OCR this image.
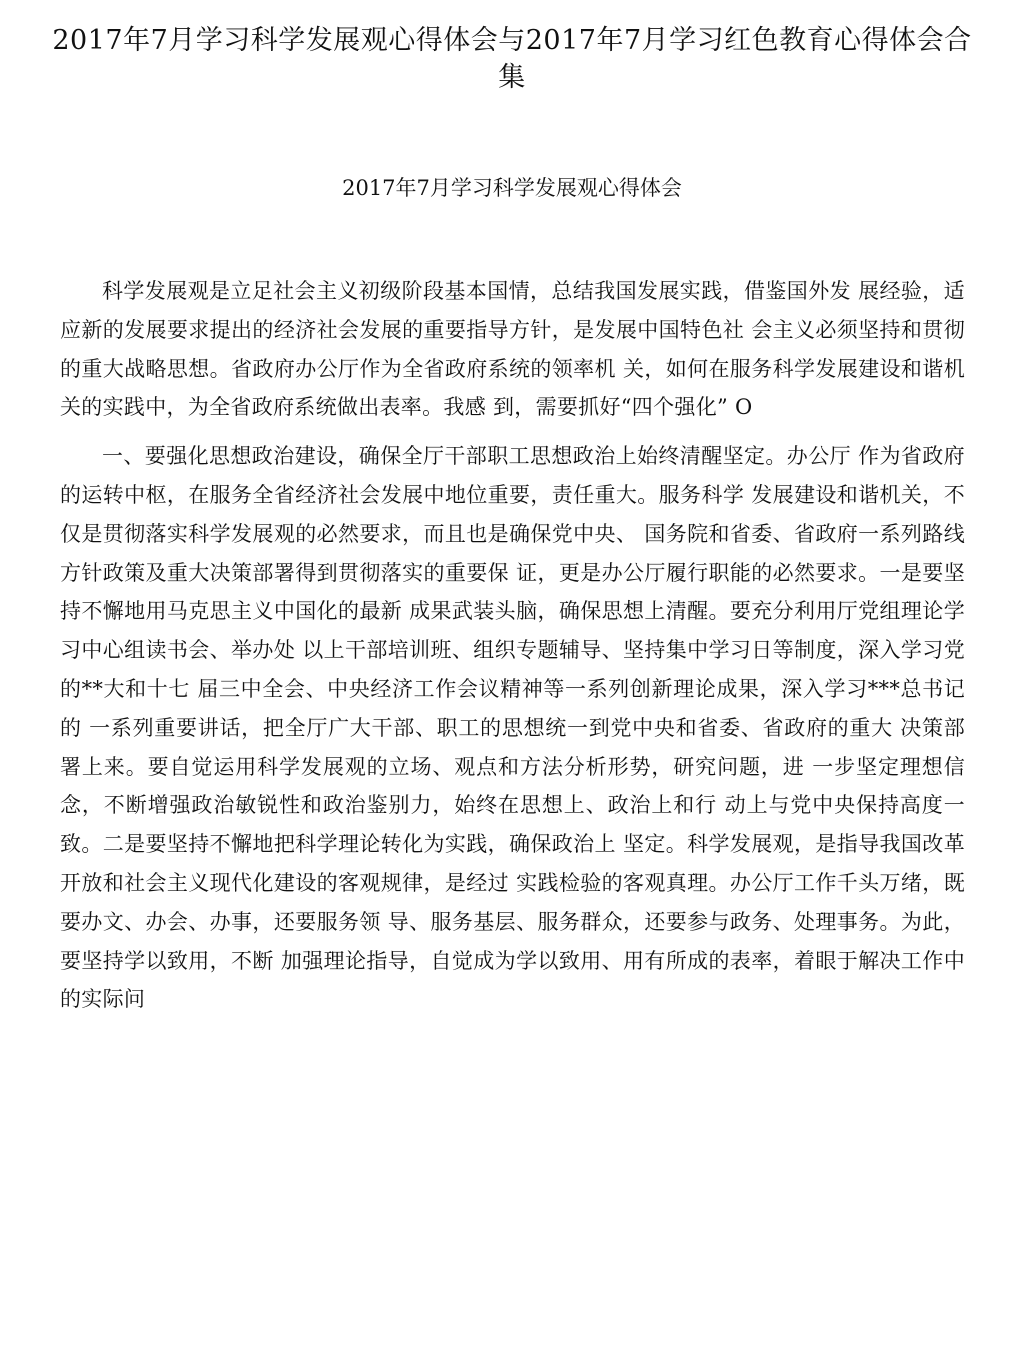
2017年7月学习科学发展观心得体会与2017年7月学习红色教育心得体会合集
2017年7月学习科学发展观心得体会

科学发展观是立足社会主义初级阶段基本国情，总结我国发展实践，借鉴国外发 展经验，适应新的发展要求提出的经济社会发展的重要指导方针，是发展中国特色社 会主义必须坚持和贯彻的重大战略思想。省政府办公厅作为全省政府系统的领率机 关，如何在服务科学发展建设和谐机关的实践中，为全省政府系统做出表率。我感 到，需要抓好“四个强化” O

一、要强化思想政治建设，确保全厅干部职工思想政治上始终清醒坚定。办公厅 作为省政府的运转中枢，在服务全省经济社会发展中地位重要，责任重大。服务科学 发展建设和谐机关，不仅是贯彻落实科学发展观的必然要求，而且也是确保党中央、 国务院和省委、省政府一系列路线方针政策及重大决策部署得到贯彻落实的重要保 证，更是办公厅履行职能的必然要求。一是要坚持不懈地用马克思主义中国化的最新 成果武装头脑，确保思想上清醒。要充分利用厅党组理论学习中心组读书会、举办处 以上干部培训班、组织专题辅导、坚持集中学习日等制度，深入学习党的**大和十七 届三中全会、中央经济工作会议精神等一系列创新理论成果，深入学习***总书记的 一系列重要讲话，把全厅广大干部、职工的思想统一到党中央和省委、省政府的重大 决策部署上来。要自觉运用科学发展观的立场、观点和方法分析形势，研究问题，进 一步坚定理想信念，不断增强政治敏锐性和政治鉴别力，始终在思想上、政治上和行 动上与党中央保持高度一致。二是要坚持不懈地把科学理论转化为实践，确保政治上 坚定。科学发展观，是指导我国改革开放和社会主义现代化建设的客观规律，是经过 实践检验的客观真理。办公厅工作千头万绪，既要办文、办会、办事，还要服务领 导、服务基层、服务群众，还要参与政务、处理事务。为此，要坚持学以致用，不断 加强理论指导，自觉成为学以致用、用有所成的表率，着眼于解决工作中的实际问
